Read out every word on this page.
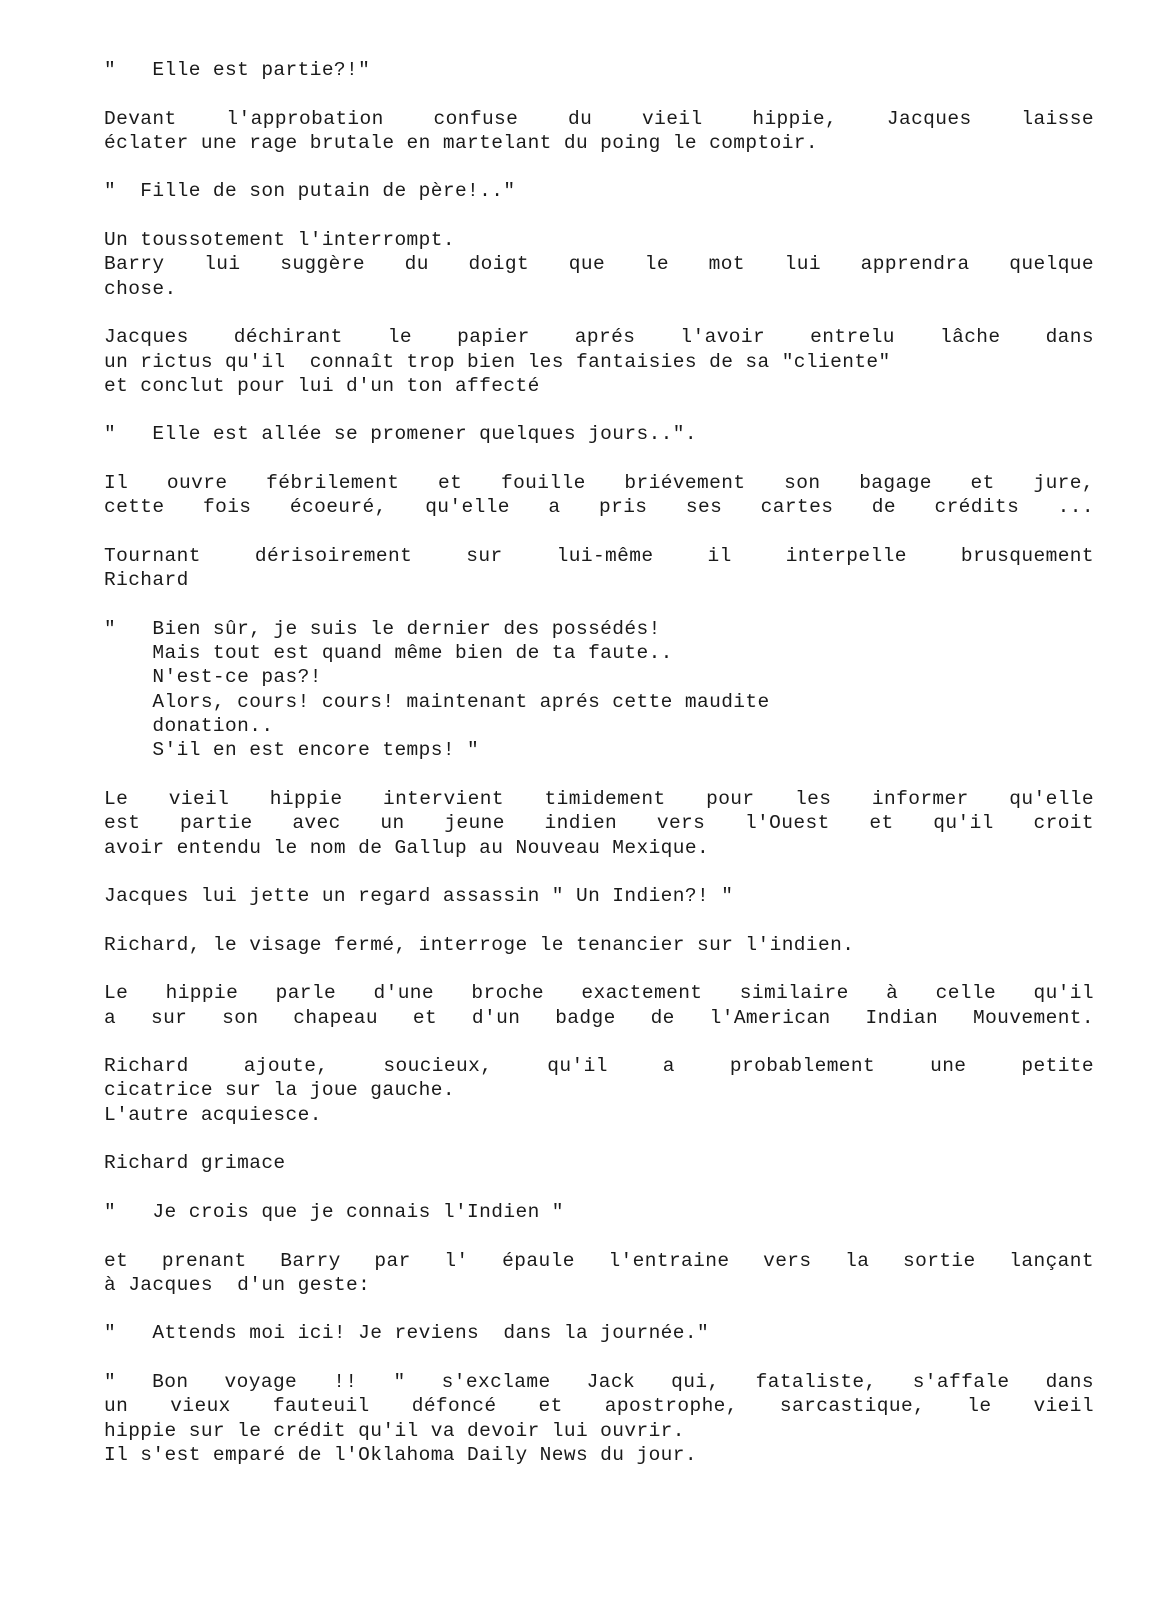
"   Elle est partie?!"
Devant l'approbation confuse du vieil hippie, Jacques laisse
éclater une rage brutale en martelant du poing le comptoir.
"  Fille de son putain de père!.."
Un toussotement l'interrompt.
Barry lui suggère du doigt que le mot lui apprendra quelque
chose.
Jacques déchirant le papier aprés l'avoir entrelu lâche dans
un rictus qu'il  connaît trop bien les fantaisies de sa "cliente"
et conclut pour lui d'un ton affecté
"   Elle est allée se promener quelques jours..".
Il ouvre fébrilement et fouille briévement son bagage et jure,
cette fois écoeuré, qu'elle a pris ses cartes de crédits ...
Tournant dérisoirement sur lui-même il interpelle brusquement
Richard
"   Bien sûr, je suis le dernier des possédés!
Mais tout est quand même bien de ta faute..
N'est-ce pas?!
Alors, cours! cours! maintenant aprés cette maudite
donation..
S'il en est encore temps! "
Le vieil hippie intervient timidement pour les informer qu'elle
est partie avec un jeune indien vers l'Ouest et qu'il croit
avoir entendu le nom de Gallup au Nouveau Mexique.
Jacques lui jette un regard assassin " Un Indien?! "
Richard, le visage fermé, interroge le tenancier sur l'indien.
Le hippie parle d'une broche exactement similaire à celle qu'il
a sur son chapeau et d'un badge de l'American Indian Mouvement.
Richard ajoute, soucieux, qu'il a probablement une petite
cicatrice sur la joue gauche.
L'autre acquiesce.
Richard grimace
"   Je crois que je connais l'Indien "
et prenant Barry par l' épaule l'entraine vers la sortie lançant
à Jacques  d'un geste:
"   Attends moi ici! Je reviens  dans la journée."
" Bon voyage !! " s'exclame Jack qui, fataliste, s'affale dans
un vieux fauteuil défoncé et apostrophe, sarcastique, le vieil
hippie sur le crédit qu'il va devoir lui ouvrir.
Il s'est emparé de l'Oklahoma Daily News du jour.
